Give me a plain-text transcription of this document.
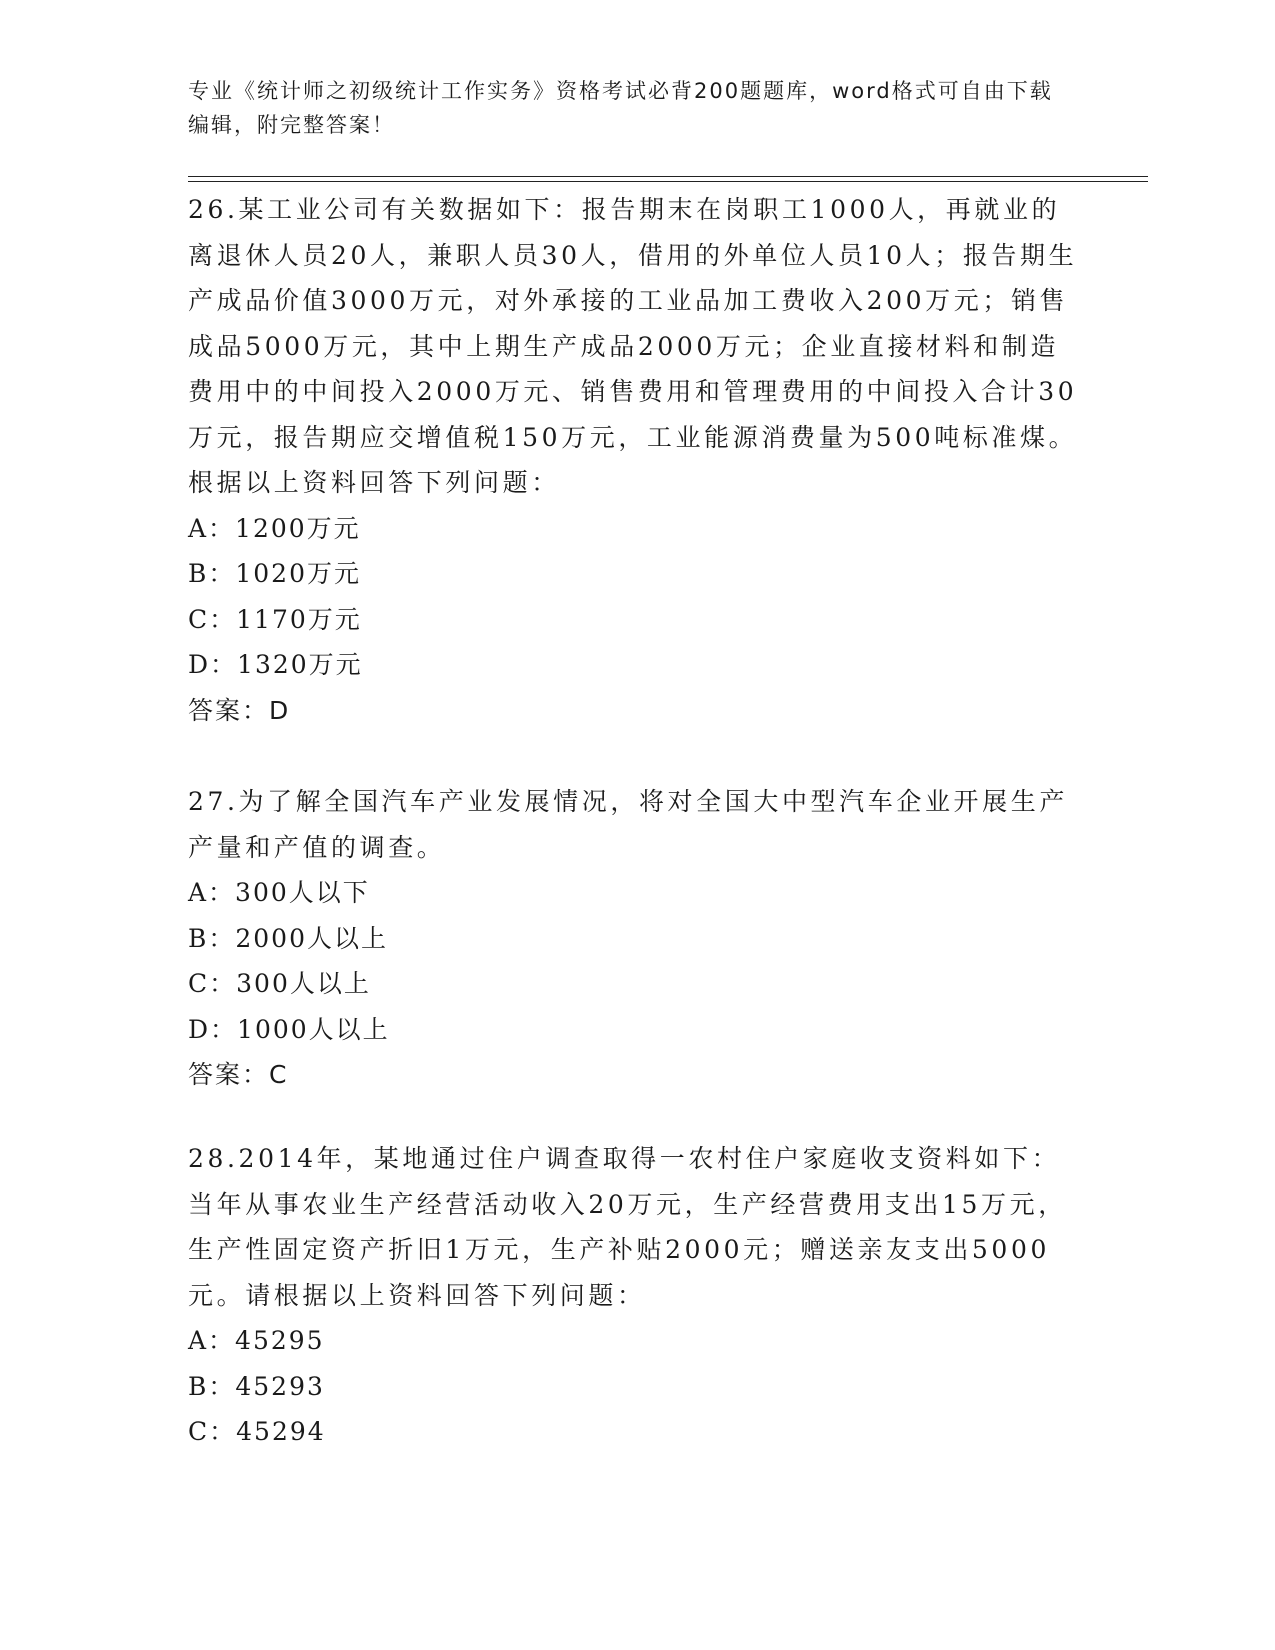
专业《统计师之初级统计工作实务》资格考试必背200题题库，word格式可自由下载编辑，附完整答案！

26.某工业公司有关数据如下：报告期末在岗职工1000人，再就业的离退休人员20人，兼职人员30人，借用的外单位人员10人；报告期生产成品价值3000万元，对外承接的工业品加工费收入200万元；销售成品5000万元，其中上期生产成品2000万元；企业直接材料和制造费用中的中间投入2000万元、销售费用和管理费用的中间投入合计30万元，报告期应交增值税150万元，工业能源消费量为500吨标准煤。根据以上资料回答下列问题：

A：1200万元

B：1020万元

C：1170万元

D：1320万元

答案：D

27.为了解全国汽车产业发展情况，将对全国大中型汽车企业开展生产产量和产值的调查。

A：300人以下

B：2000人以上

C：300人以上

D：1000人以上

答案：C

28.2014年，某地通过住户调查取得一农村住户家庭收支资料如下：当年从事农业生产经营活动收入20万元，生产经营费用支出15万元，生产性固定资产折旧1万元，生产补贴2000元；赠送亲友支出5000元。请根据以上资料回答下列问题：

A：45295

B：45293

C：45294
